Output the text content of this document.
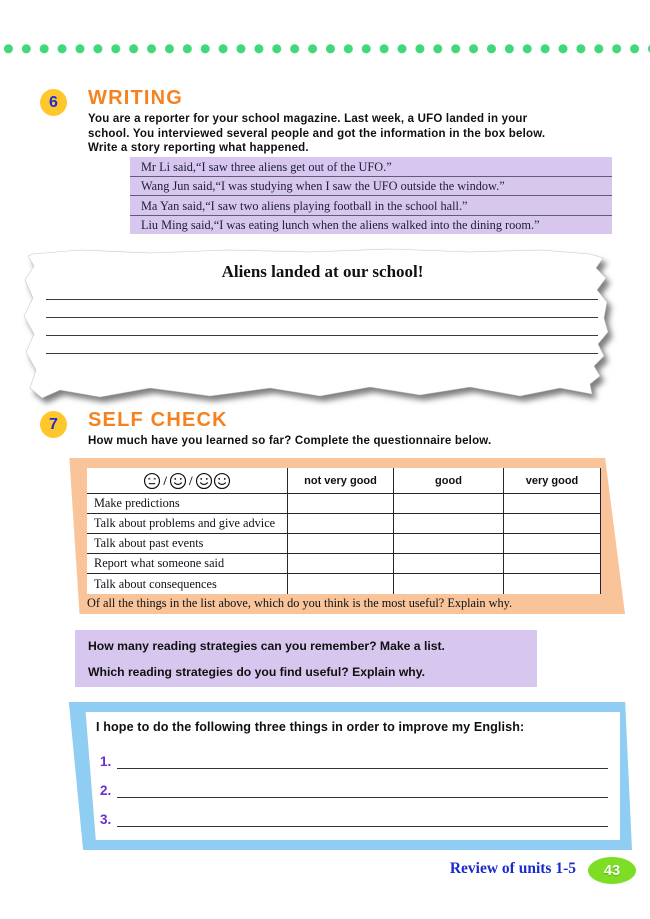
6 WRITING
You are a reporter for your school magazine. Last week, a UFO landed in your
school. You interviewed several people and got the information in the box below.
Write a story reporting what happened.
Mr Li said,“I saw three aliens get out of the UFO.”
Wang Jun said,“I was studying when I saw the UFO outside the window.”
Ma Yan said,“I saw two aliens playing football in the school hall.”
Liu Ming said,“I was eating lunch when the aliens walked into the dining room.”
Aliens landed at our school!
7 SELF CHECK
How much have you learned so far? Complete the questionnaire below.
/ /	not very good	good	very good
Make predictions
Talk about problems and give advice
Talk about past events
Report what someone said
Talk about consequences
Of all the things in the list above, which do you think is the most useful? Explain why.
How many reading strategies can you remember? Make a list.
Which reading strategies do you find useful? Explain why.
I hope to do the following three things in order to improve my English:
1.
2.
3.
Review of units 1-5 43
